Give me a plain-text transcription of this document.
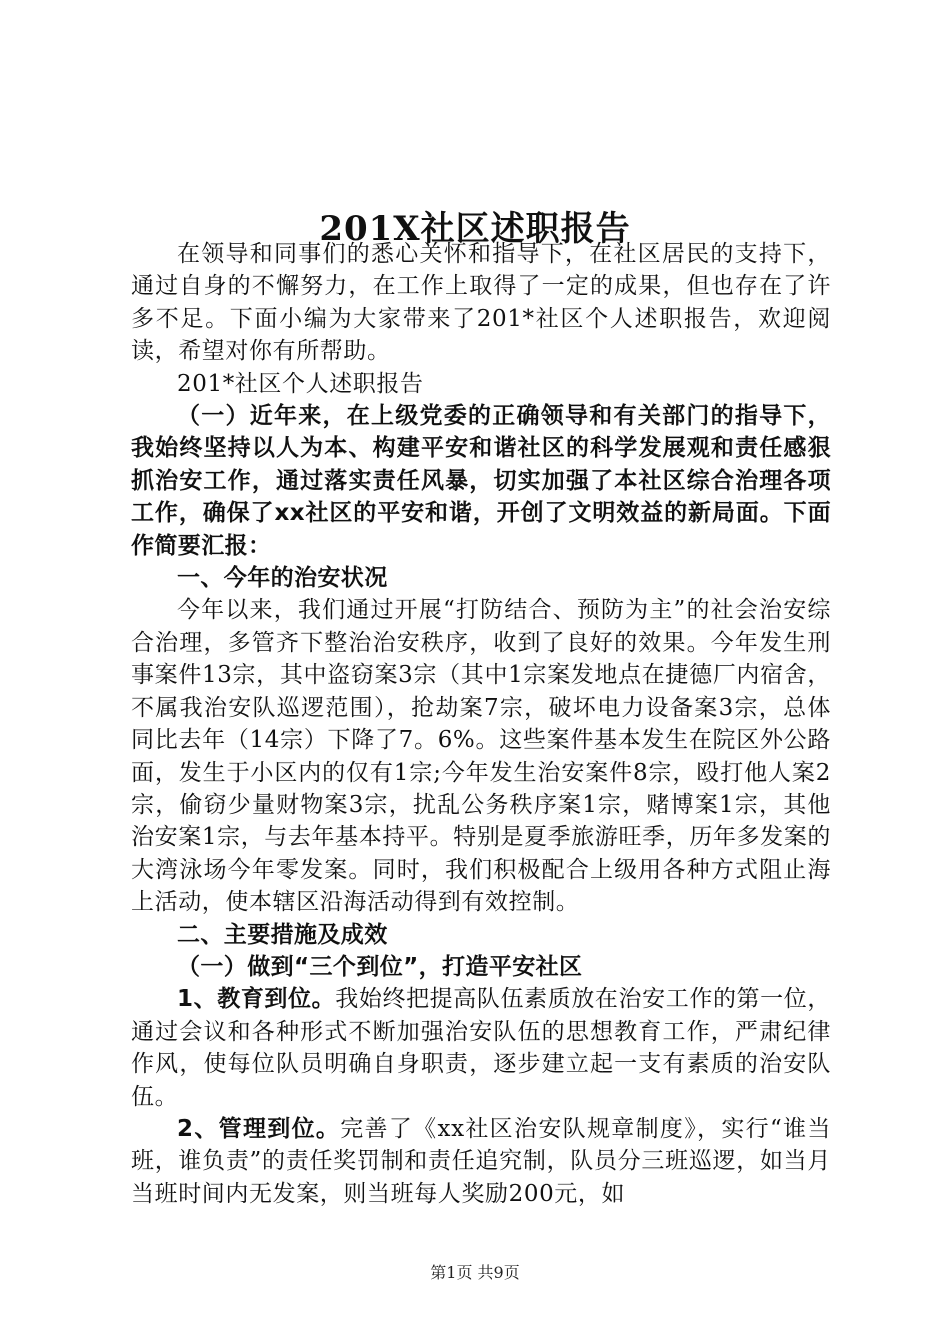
201X社区述职报告

在领导和同事们的悉心关怀和指导下，在社区居民的支持下，通过自身的不懈努力，在工作上取得了一定的成果，但也存在了许多不足。下面小编为大家带来了201*社区个人述职报告，欢迎阅读，希望对你有所帮助。

201*社区个人述职报告

（一）近年来，在上级党委的正确领导和有关部门的指导下，我始终坚持以人为本、构建平安和谐社区的科学发展观和责任感狠抓治安工作，通过落实责任风暴，切实加强了本社区综合治理各项工作，确保了xx社区的平安和谐，开创了文明效益的新局面。下面作简要汇报：

一、今年的治安状况

今年以来，我们通过开展“打防结合、预防为主”的社会治安综合治理，多管齐下整治治安秩序，收到了良好的效果。今年发生刑事案件13宗，其中盗窃案3宗（其中1宗案发地点在捷德厂内宿舍，不属我治安队巡逻范围），抢劫案7宗，破坏电力设备案3宗，总体同比去年（14宗）下降了7。6%。这些案件基本发生在院区外公路面，发生于小区内的仅有1宗;今年发生治安案件8宗，殴打他人案2宗，偷窃少量财物案3宗，扰乱公务秩序案1宗，赌博案1宗，其他治安案1宗，与去年基本持平。特别是夏季旅游旺季，历年多发案的大湾泳场今年零发案。同时，我们积极配合上级用各种方式阻止海上活动，使本辖区沿海活动得到有效控制。

二、主要措施及成效

（一）做到“三个到位”，打造平安社区

1、教育到位。我始终把提高队伍素质放在治安工作的第一位，通过会议和各种形式不断加强治安队伍的思想教育工作，严肃纪律作风，使每位队员明确自身职责，逐步建立起一支有素质的治安队伍。

2、管理到位。完善了《xx社区治安队规章制度》，实行“谁当班，谁负责”的责任奖罚制和责任追究制，队员分三班巡逻，如当月当班时间内无发案，则当班每人奖励200元，如

第1页 共9页
